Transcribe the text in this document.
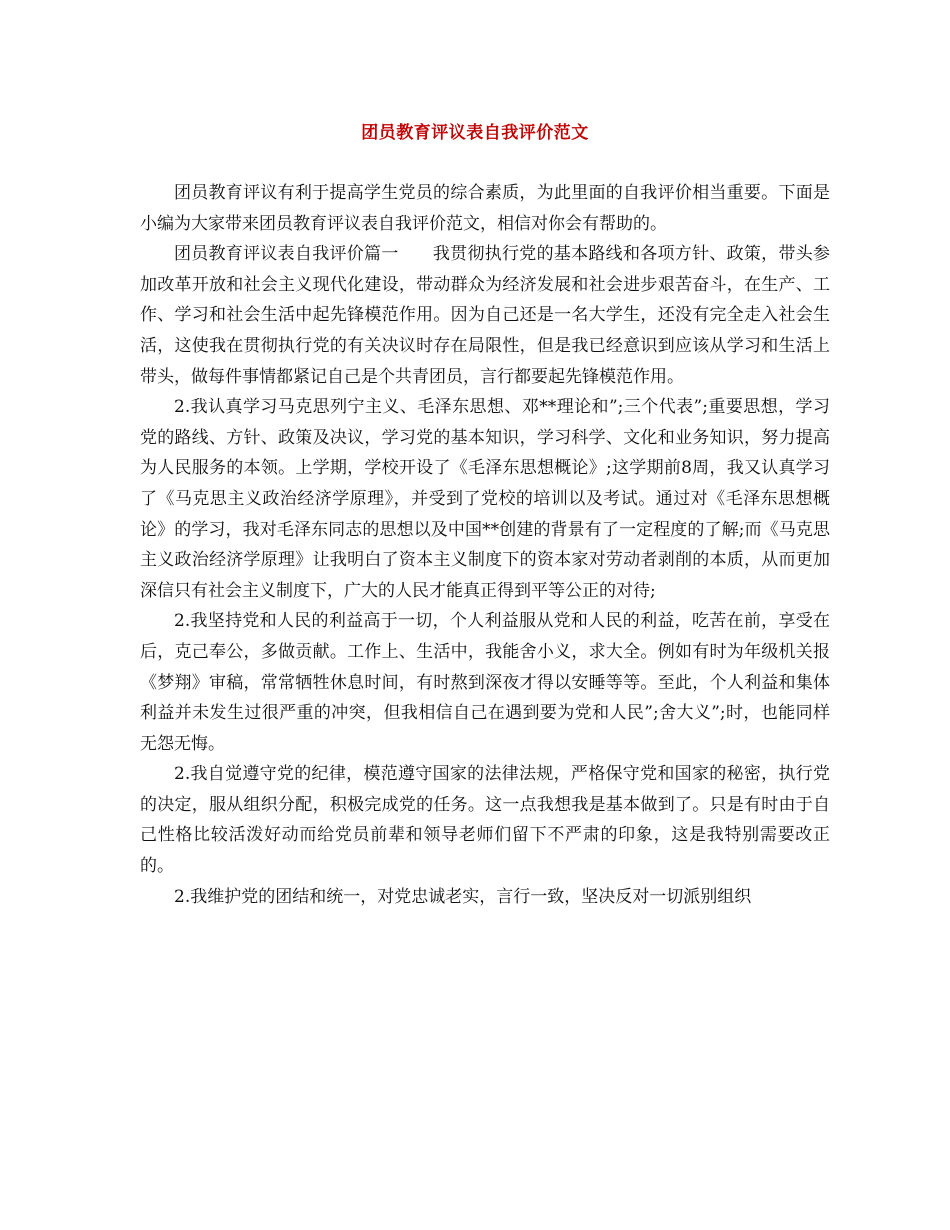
团员教育评议表自我评价范文

团员教育评议有利于提高学生党员的综合素质，为此里面的自我评价相当重要。下面是小编为大家带来团员教育评议表自我评价范文，相信对你会有帮助的。

团员教育评议表自我评价篇一 我贯彻执行党的基本路线和各项方针、政策，带头参加改革开放和社会主义现代化建设，带动群众为经济发展和社会进步艰苦奋斗，在生产、工作、学习和社会生活中起先锋模范作用。因为自己还是一名大学生，还没有完全走入社会生活，这使我在贯彻执行党的有关决议时存在局限性，但是我已经意识到应该从学习和生活上带头，做每件事情都紧记自己是个共青团员，言行都要起先锋模范作用。

2.我认真学习马克思列宁主义、毛泽东思想、邓**理论和”;三个代表”;重要思想，学习党的路线、方针、政策及决议，学习党的基本知识，学习科学、文化和业务知识，努力提高为人民服务的本领。上学期，学校开设了《毛泽东思想概论》;这学期前8周，我又认真学习了《马克思主义政治经济学原理》，并受到了党校的培训以及考试。通过对《毛泽东思想概论》的学习，我对毛泽东同志的思想以及中国**创建的背景有了一定程度的了解;而《马克思主义政治经济学原理》让我明白了资本主义制度下的资本家对劳动者剥削的本质，从而更加深信只有社会主义制度下，广大的人民才能真正得到平等公正的对待;

2.我坚持党和人民的利益高于一切，个人利益服从党和人民的利益，吃苦在前，享受在后，克己奉公，多做贡献。工作上、生活中，我能舍小义，求大全。例如有时为年级机关报《梦翔》审稿，常常牺牲休息时间，有时熬到深夜才得以安睡等等。至此，个人利益和集体利益并未发生过很严重的冲突，但我相信自己在遇到要为党和人民”;舍大义”;时，也能同样无怨无悔。

2.我自觉遵守党的纪律，模范遵守国家的法律法规，严格保守党和国家的秘密，执行党的决定，服从组织分配，积极完成党的任务。这一点我想我是基本做到了。只是有时由于自己性格比较活泼好动而给党员前辈和领导老师们留下不严肃的印象，这是我特别需要改正的。

2.我维护党的团结和统一，对党忠诚老实，言行一致，坚决反对一切派别组织
